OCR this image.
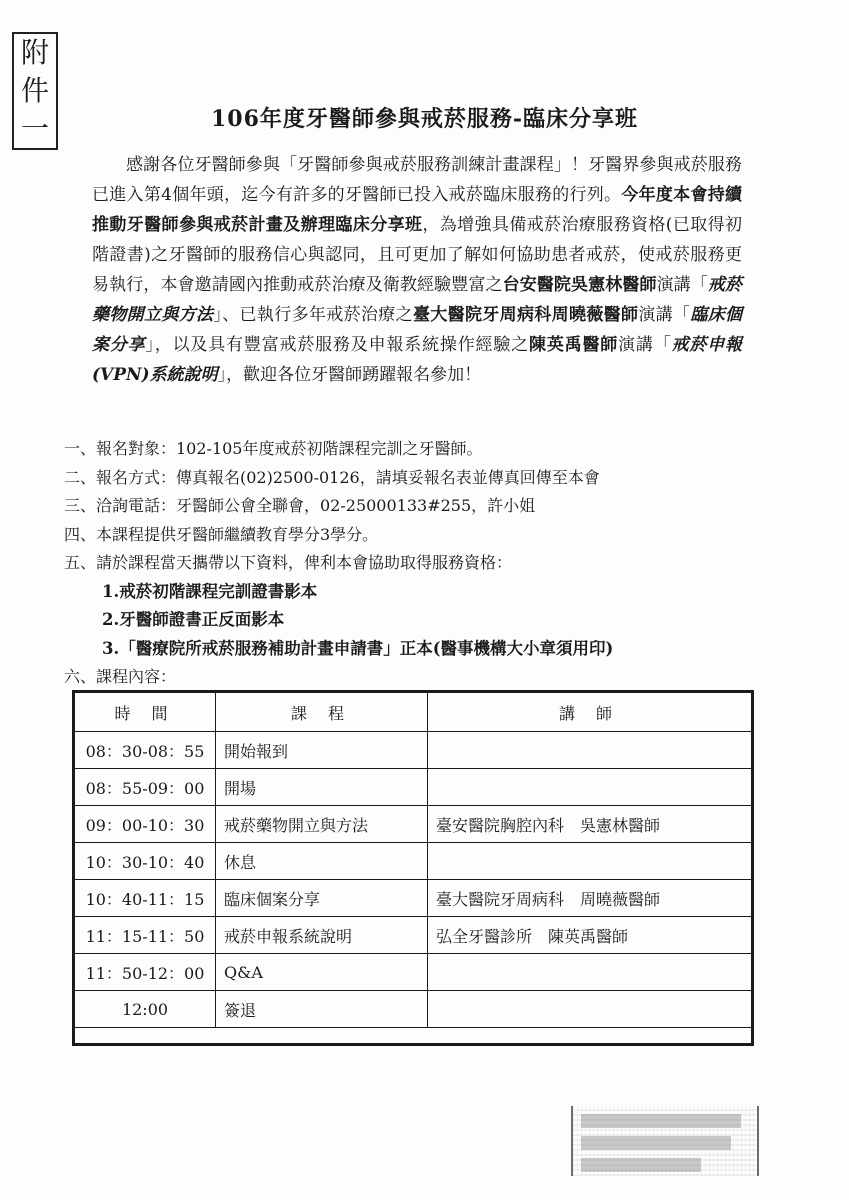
附
件
一	106年度牙醫師參與戒菸服務-臨床分享班

感謝各位牙醫師參與「牙醫師參與戒菸服務訓練計畫課程」！牙醫界參與戒菸服務已進入第4個年頭，迄今有許多的牙醫師已投入戒菸臨床服務的行列。今年度本會持續推動牙醫師參與戒菸計畫及辦理臨床分享班，為增強具備戒菸治療服務資格(已取得初階證書)之牙醫師的服務信心與認同，且可更加了解如何協助患者戒菸，使戒菸服務更易執行，本會邀請國內推動戒菸治療及衛教經驗豐富之台安醫院吳憲林醫師演講「戒菸藥物開立與方法」、已執行多年戒菸治療之臺大醫院牙周病科周曉薇醫師演講「臨床個案分享」，以及具有豐富戒菸服務及申報系統操作經驗之陳英禹醫師演講「戒菸申報(VPN)系統說明」，歡迎各位牙醫師踴躍報名參加！

一、報名對象：102-105年度戒菸初階課程完訓之牙醫師。
二、報名方式：傳真報名(02)2500-0126，請填妥報名表並傳真回傳至本會
三、洽詢電話：牙醫師公會全聯會，02-25000133#255，許小姐
四、本課程提供牙醫師繼續教育學分3學分。
五、請於課程當天攜帶以下資料，俾利本會協助取得服務資格：
1.戒菸初階課程完訓證書影本
2.牙醫師證書正反面影本
3.「醫療院所戒菸服務補助計畫申請書」正本(醫事機構大小章須用印)
六、課程內容：
時 間	課 程	講 師
08：30-08：55	開始報到	
08：55-09：00	開場	
09：00-10：30	戒菸藥物開立與方法	臺安醫院胸腔內科　吳憲林醫師
10：30-10：40	休息	
10：40-11：15	臨床個案分享	臺大醫院牙周病科　周曉薇醫師
11：15-11：50	戒菸申報系統說明	弘全牙醫診所　陳英禹醫師
11：50-12：00	Q&A	
12:00	簽退	
